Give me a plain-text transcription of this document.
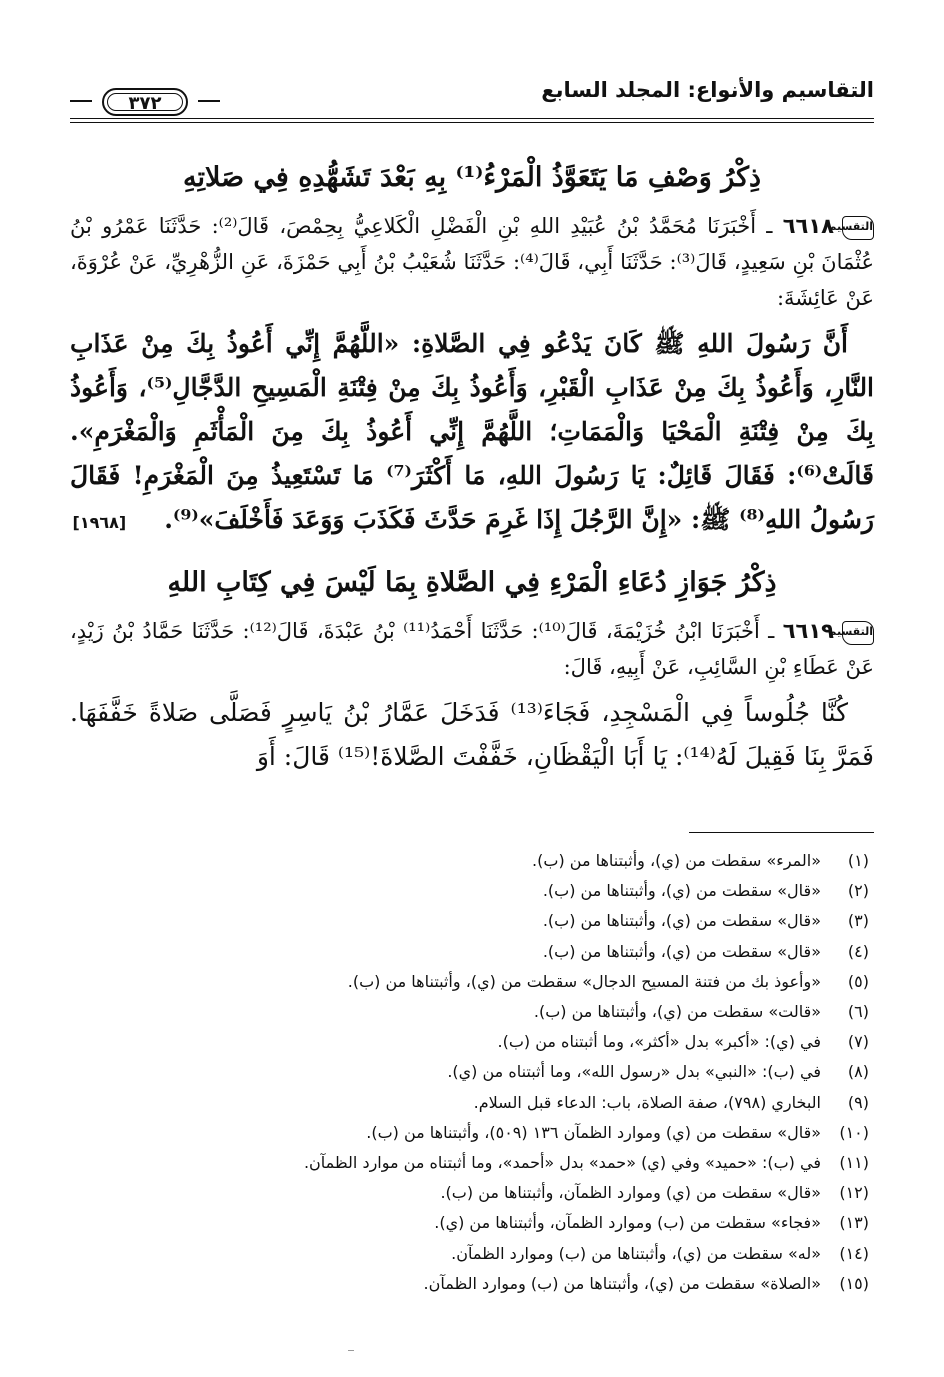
التقاسيم والأنواع: المجلد السابع
٣٧٢
ذِكْرُ وَصْفِ مَا يَتَعَوَّذُ الْمَرْءُ⁽¹⁾ بِهِ بَعْدَ تَشَهُّدِهِ فِي صَلاتِهِ

التقسيم٦٦١٨ ـ أَخْبَرَنَا مُحَمَّدُ بْنُ عُبَيْدِ اللهِ بْنِ الْفَضْلِ الْكَلاعِيُّ بِحِمْصَ، قَالَ⁽²⁾: حَدَّثَنَا عَمْرُو بْنُ عُثْمَانَ بْنِ سَعِيدٍ، قَالَ⁽³⁾: حَدَّثَنَا أَبِي، قَالَ⁽⁴⁾: حَدَّثَنَا شُعَيْبُ بْنُ أَبِي حَمْزَةَ، عَنِ الزُّهْرِيِّ، عَنْ عُرْوَةَ، عَنْ عَائِشَةَ:

أَنَّ رَسُولَ اللهِ ﷺ كَانَ يَدْعُو فِي الصَّلاةِ: «اللَّهُمَّ إِنِّي أَعُوذُ بِكَ مِنْ عَذَابِ النَّارِ، وَأَعُوذُ بِكَ مِنْ عَذَابِ الْقَبْرِ، وَأَعُوذُ بِكَ مِنْ فِتْنَةِ الْمَسِيحِ الدَّجَّالِ⁽⁵⁾، وَأَعُوذُ بِكَ مِنْ فِتْنَةِ الْمَحْيَا وَالْمَمَاتِ؛ اللَّهُمَّ إِنِّي أَعُوذُ بِكَ مِنَ الْمَأْثَمِ وَالْمَغْرَمِ». قَالَتْ⁽⁶⁾: فَقَالَ قَائِلٌ: يَا رَسُولَ اللهِ، مَا أَكْثَرَ⁽⁷⁾ مَا تَسْتَعِيذُ مِنَ الْمَغْرَمِ! فَقَالَ رَسُولُ اللهِ⁽⁸⁾ ﷺ: «إِنَّ الرَّجُلَ إِذَا غَرِمَ حَدَّثَ فَكَذَبَ وَوَعَدَ فَأَخْلَفَ»⁽⁹⁾.[١٩٦٨]

ذِكْرُ جَوَازِ دُعَاءِ الْمَرْءِ فِي الصَّلاةِ بِمَا لَيْسَ فِي كِتَابِ اللهِ

التقسيم٦٦١٩ ـ أَخْبَرَنَا ابْنُ خُزَيْمَةَ، قَالَ⁽¹⁰⁾: حَدَّثَنَا أَحْمَدُ⁽¹¹⁾ بْنُ عَبْدَةَ، قَالَ⁽¹²⁾: حَدَّثَنَا حَمَّادُ بْنُ زَيْدٍ، عَنْ عَطَاءِ بْنِ السَّائِبِ، عَنْ أَبِيهِ، قَالَ:

كُنَّا جُلُوساً فِي الْمَسْجِدِ، فَجَاءَ⁽¹³⁾ فَدَخَلَ عَمَّارُ بْنُ يَاسِرٍ فَصَلَّى صَلاةً خَفَّفَهَا. فَمَرَّ بِنَا فَقِيلَ لَهُ⁽¹⁴⁾: يَا أَبَا الْيَقْظَانِ، خَفَّفْتَ الصَّلاةَ!⁽¹⁵⁾ قَالَ: أَوَ

(١)«المرء» سقطت من (ي)، وأثبتناها من (ب).
(٢)«قال» سقطت من (ي)، وأثبتناها من (ب).
(٣)«قال» سقطت من (ي)، وأثبتناها من (ب).
(٤)«قال» سقطت من (ي)، وأثبتناها من (ب).
(٥)«وأعوذ بك من فتنة المسيح الدجال» سقطت من (ي)، وأثبتناها من (ب).
(٦)«قالت» سقطت من (ي)، وأثبتناها من (ب).
(٧)في (ي): «أكبر» بدل «أكثر»، وما أثبتناه من (ب).
(٨)في (ب): «النبي» بدل «رسول الله»، وما أثبتناه من (ي).
(٩)البخاري (٧٩٨)، صفة الصلاة، باب: الدعاء قبل السلام.
(١٠)«قال» سقطت من (ي) وموارد الظمآن ١٣٦ (٥٠٩)، وأثبتناها من (ب).
(١١)في (ب): «حميد» وفي (ي) «حمد» بدل «أحمد»، وما أثبتناه من موارد الظمآن.
(١٢)«قال» سقطت من (ي) وموارد الظمآن، وأثبتناها من (ب).
(١٣)«فجاء» سقطت من (ب) وموارد الظمآن، وأثبتناها من (ي).
(١٤)«له» سقطت من (ي)، وأثبتناها من (ب) وموارد الظمآن.
(١٥)«الصلاة» سقطت من (ي)، وأثبتناها من (ب) وموارد الظمآن.
